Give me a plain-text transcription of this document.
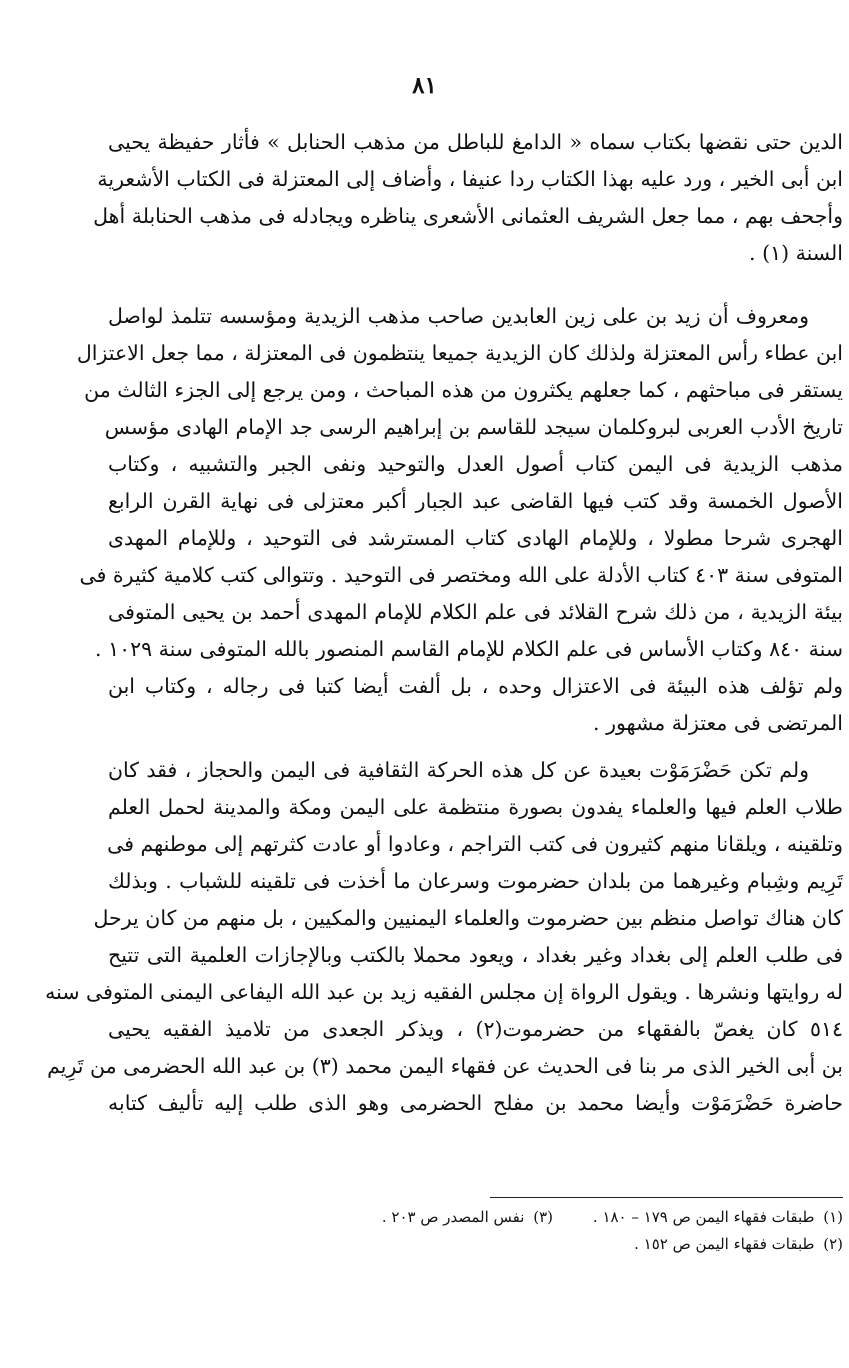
٨١
الدين حتى نقضها بكتاب سماه « الدامغ للباطل من مذهب الحنابل » فأثار حفيظة يحيى
ابن أبى الخير ، ورد عليه بهذا الكتاب ردا عنيفا ، وأضاف إلى المعتزلة فى الكتاب الأشعرية
وأجحف بهم ، مما جعل الشريف العثمانى الأشعرى يناظره ويجادله فى مذهب الحنابلة أهل
السنة (١) .
ومعروف أن زيد بن على زين العابدين صاحب مذهب الزيدية ومؤسسه تتلمذ لواصل
ابن عطاء رأس المعتزلة ولذلك كان الزيدية جميعا ينتظمون فى المعتزلة ، مما جعل الاعتزال
يستقر فى مباحثهم ، كما جعلهم يكثرون من هذه المباحث ، ومن يرجع إلى الجزء الثالث من
تاريخ الأدب العربى لبروكلمان سيجد للقاسم بن إبراهيم الرسى جد الإمام الهادى مؤسس
مذهب الزيدية فى اليمن كتاب أصول العدل والتوحيد ونفى الجبر والتشبيه ، وكتاب
الأصول الخمسة وقد كتب فيها القاضى عبد الجبار أكبر معتزلى فى نهاية القرن الرابع
الهجرى شرحا مطولا ، وللإمام الهادى كتاب المسترشد فى التوحيد ، وللإمام المهدى
المتوفى سنة ٤٠٣ كتاب الأدلة على الله ومختصر فى التوحيد . وتتوالى كتب كلامية كثيرة فى
بيئة الزيدية ، من ذلك شرح القلائد فى علم الكلام للإمام المهدى أحمد بن يحيى المتوفى
سنة ٨٤٠ وكتاب الأساس فى علم الكلام للإمام القاسم المنصور بالله المتوفى سنة ١٠٢٩ .
ولم تؤلف هذه البيئة فى الاعتزال وحده ، بل ألفت أيضا كتبا فى رجاله ، وكتاب ابن
المرتضى فى معتزلة مشهور .
ولم تكن حَضْرَمَوْت بعيدة عن كل هذه الحركة الثقافية فى اليمن والحجاز ، فقد كان
طلاب العلم فيها والعلماء يفدون بصورة منتظمة على اليمن ومكة والمدينة لحمل العلم
وتلقينه ، ويلقانا منهم كثيرون فى كتب التراجم ، وعادوا أو عادت كثرتهم إلى موطنهم فى
تَرِيم وشِبام وغيرهما من بلدان حضرموت وسرعان ما أخذت فى تلقينه للشباب . وبذلك
كان هناك تواصل منظم بين حضرموت والعلماء اليمنيين والمكيين ، بل منهم من كان يرحل
فى طلب العلم إلى بغداد وغير بغداد ، ويعود محملا بالكتب وبالإجازات العلمية التى تتيح
له روايتها ونشرها . ويقول الرواة إن مجلس الفقيه زيد بن عبد الله اليفاعى اليمنى المتوفى سنه
٥١٤ كان يغصّ بالفقهاء من حضرموت(٢) ، ويذكر الجعدى من تلاميذ الفقيه يحيى
بن أبى الخير الذى مر بنا فى الحديث عن فقهاء اليمن محمد (٣) بن عبد الله الحضرمى من تَرِيم
حاضرة حَضْرَمَوْت وأيضا محمد بن مفلح الحضرمى وهو الذى طلب إليه تأليف كتابه
(١) طبقات فقهاء اليمن ص ١٧٩ – ١٨٠ .
(٣) نفس المصدر ص ٢٠٣ .
(٢) طبقات فقهاء اليمن ص ١٥٢ .
